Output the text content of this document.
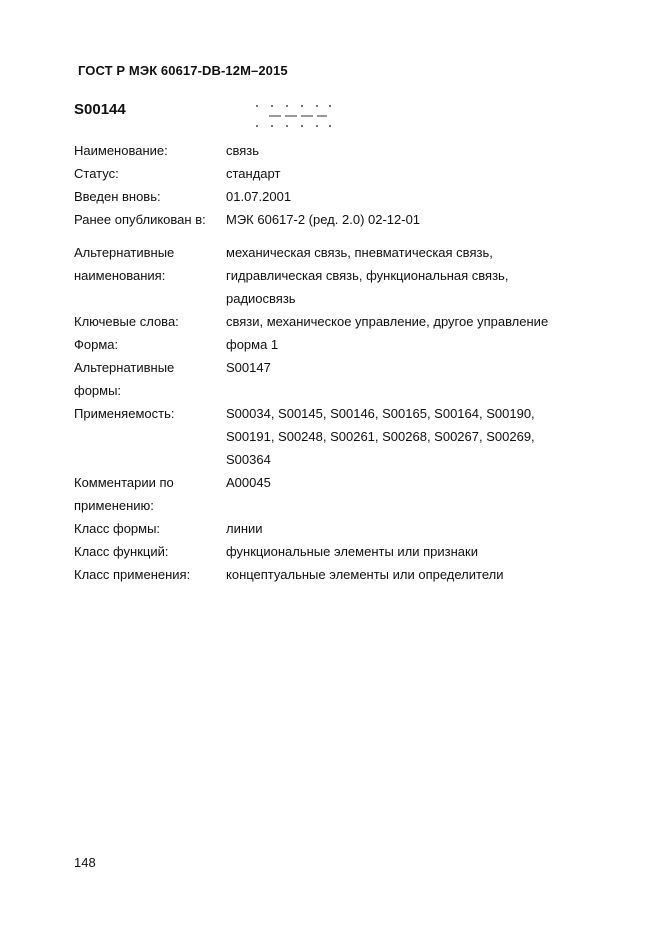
ГОСТ Р МЭК 60617-DB-12M–2015
S00144
Наименование:	связь
Статус:	стандарт
Введен вновь:	01.07.2001
Ранее опубликован в:	МЭК 60617-2 (ред. 2.0) 02-12-01
Альтернативные
наименования:
механическая связь, пневматическая связь,
гидравлическая связь, функциональная связь,
радиосвязь
Ключевые слова:	связи, механическое управление, другое управление
Форма:	форма 1
Альтернативные
формы:
S00147
Применяемость:	S00034, S00145, S00146, S00165, S00164, S00190,
S00191, S00248, S00261, S00268, S00267, S00269,
S00364
Комментарии по
применению:
A00045
Класс формы:	линии
Класс функций:	функциональные элементы или признаки
Класс применения:	концептуальные элементы или определители
148
